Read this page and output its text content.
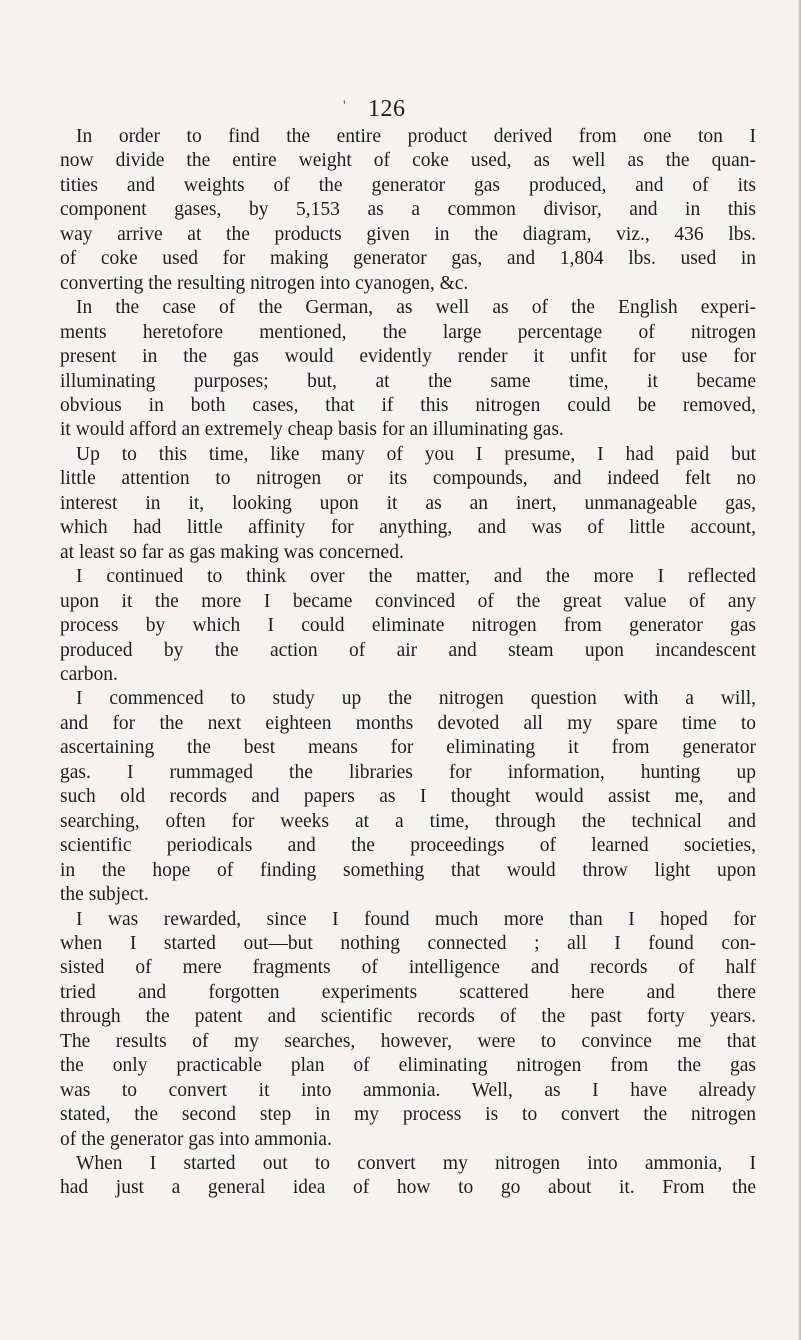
' 126
In order to find the entire product derived from one ton I
now divide the entire weight of coke used, as well as the quan-
tities and weights of the generator gas produced, and of its
component gases, by 5,153 as a common divisor, and in this
way arrive at the products given in the diagram, viz., 436 lbs.
of coke used for making generator gas, and 1,804 lbs. used in
converting the resulting nitrogen into cyanogen, &c.
In the case of the German, as well as of the English experi-
ments heretofore mentioned, the large percentage of nitrogen
present in the gas would evidently render it unfit for use for
illuminating purposes; but, at the same time, it became
obvious in both cases, that if this nitrogen could be removed,
it would afford an extremely cheap basis for an illuminating gas.
Up to this time, like many of you I presume, I had paid but
little attention to nitrogen or its compounds, and indeed felt no
interest in it, looking upon it as an inert, unmanageable gas,
which had little affinity for anything, and was of little account,
at least so far as gas making was concerned.
I continued to think over the matter, and the more I reflected
upon it the more I became convinced of the great value of any
process by which I could eliminate nitrogen from generator gas
produced by the action of air and steam upon incandescent
carbon.
I commenced to study up the nitrogen question with a will,
and for the next eighteen months devoted all my spare time to
ascertaining the best means for eliminating it from generator
gas. I rummaged the libraries for information, hunting up
such old records and papers as I thought would assist me, and
searching, often for weeks at a time, through the technical and
scientific periodicals and the proceedings of learned societies,
in the hope of finding something that would throw light upon
the subject.
I was rewarded, since I found much more than I hoped for
when I started out—but nothing connected ; all I found con-
sisted of mere fragments of intelligence and records of half
tried and forgotten experiments scattered here and there
through the patent and scientific records of the past forty years.
The results of my searches, however, were to convince me that
the only practicable plan of eliminating nitrogen from the gas
was to convert it into ammonia. Well, as I have already
stated, the second step in my process is to convert the nitrogen
of the generator gas into ammonia.
When I started out to convert my nitrogen into ammonia, I
had just a general idea of how to go about it. From the
